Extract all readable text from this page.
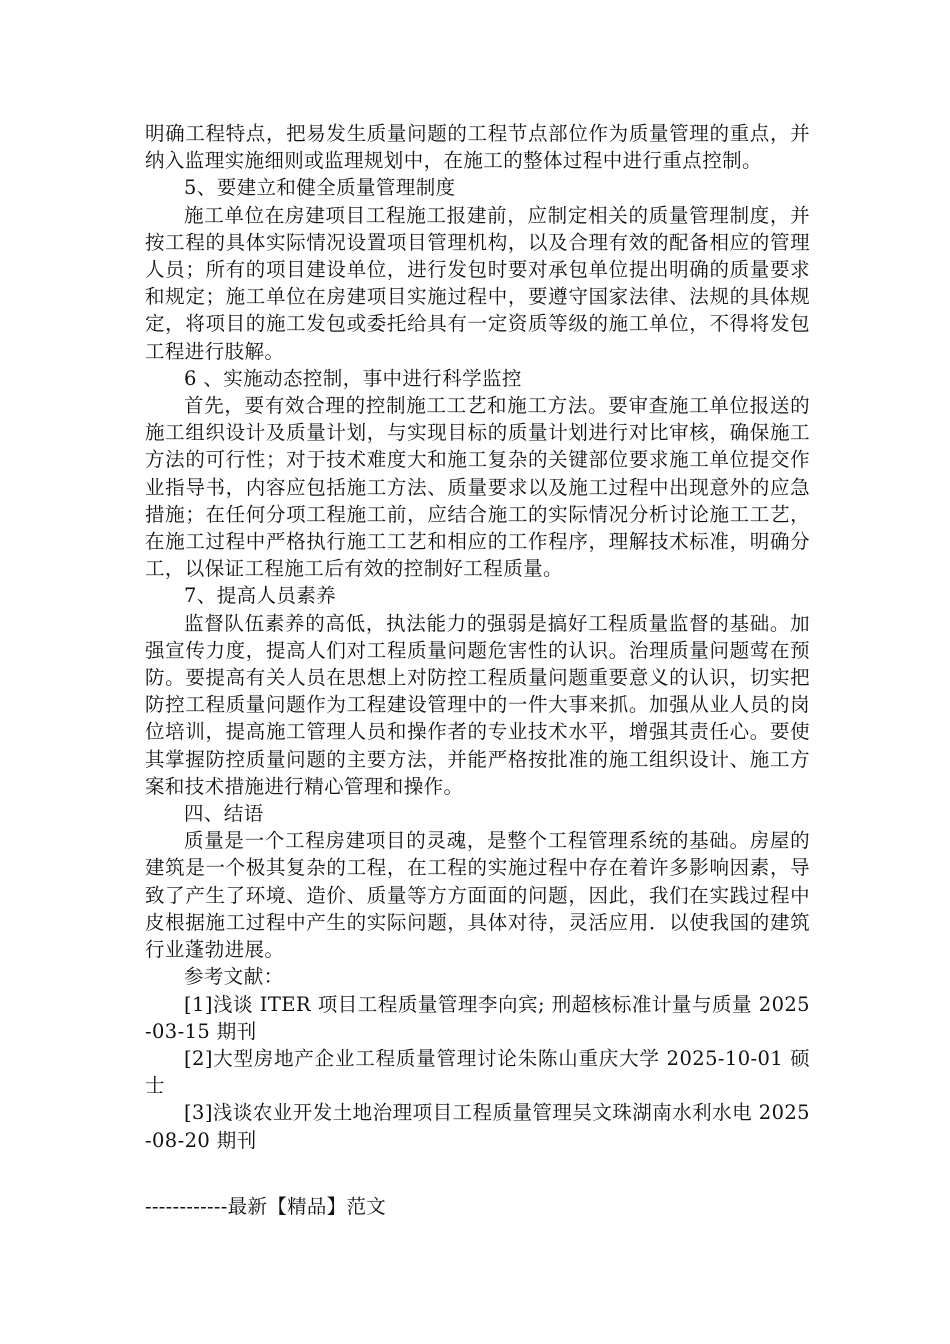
明确工程特点，把易发生质量问题的工程节点部位作为质量管理的重点，并纳入监理实施细则或监理规划中，在施工的整体过程中进行重点控制。

5、要建立和健全质量管理制度

施工单位在房建项目工程施工报建前，应制定相关的质量管理制度，并按工程的具体实际情况设置项目管理机构，以及合理有效的配备相应的管理人员；所有的项目建设单位，进行发包时要对承包单位提出明确的质量要求和规定；施工单位在房建项目实施过程中，要遵守国家法律、法规的具体规定，将项目的施工发包或委托给具有一定资质等级的施工单位，不得将发包工程进行肢解。

6 、实施动态控制，事中进行科学监控

首先，要有效合理的控制施工工艺和施工方法。要审查施工单位报送的施工组织设计及质量计划，与实现目标的质量计划进行对比审核，确保施工方法的可行性；对于技术难度大和施工复杂的关键部位要求施工单位提交作业指导书，内容应包括施工方法、质量要求以及施工过程中出现意外的应急措施；在任何分项工程施工前，应结合施工的实际情况分析讨论施工工艺，在施工过程中严格执行施工工艺和相应的工作程序，理解技术标准，明确分工，以保证工程施工后有效的控制好工程质量。

7、提高人员素养

监督队伍素养的高低，执法能力的强弱是搞好工程质量监督的基础。加强宣传力度，提高人们对工程质量问题危害性的认识。治理质量问题莺在预防。要提高有关人员在思想上对防控工程质量问题重要意义的认识，切实把防控工程质量问题作为工程建设管理中的一件大事来抓。加强从业人员的岗位培训，提高施工管理人员和操作者的专业技术水平，增强其责任心。要使其掌握防控质量问题的主要方法，并能严格按批准的施工组织设计、施工方案和技术措施进行精心管理和操作。

四、结语

质量是一个工程房建项目的灵魂，是整个工程管理系统的基础。房屋的建筑是一个极其复杂的工程，在工程的实施过程中存在着许多影响因素，导致了产生了环境、造价、质量等方方面面的问题，因此，我们在实践过程中皮根据施工过程中产生的实际问题，具体对待，灵活应用．以使我国的建筑行业蓬勃进展。

参考文献：

[1]浅谈 ITER 项目工程质量管理李向宾; 刑超核标准计量与质量 2025-03-15 期刊

[2]大型房地产企业工程质量管理讨论朱陈山重庆大学 2025-10-01 硕士

[3]浅谈农业开发土地治理项目工程质量管理吴文珠湖南水利水电 2025-08-20 期刊

------------最新【精品】范文
